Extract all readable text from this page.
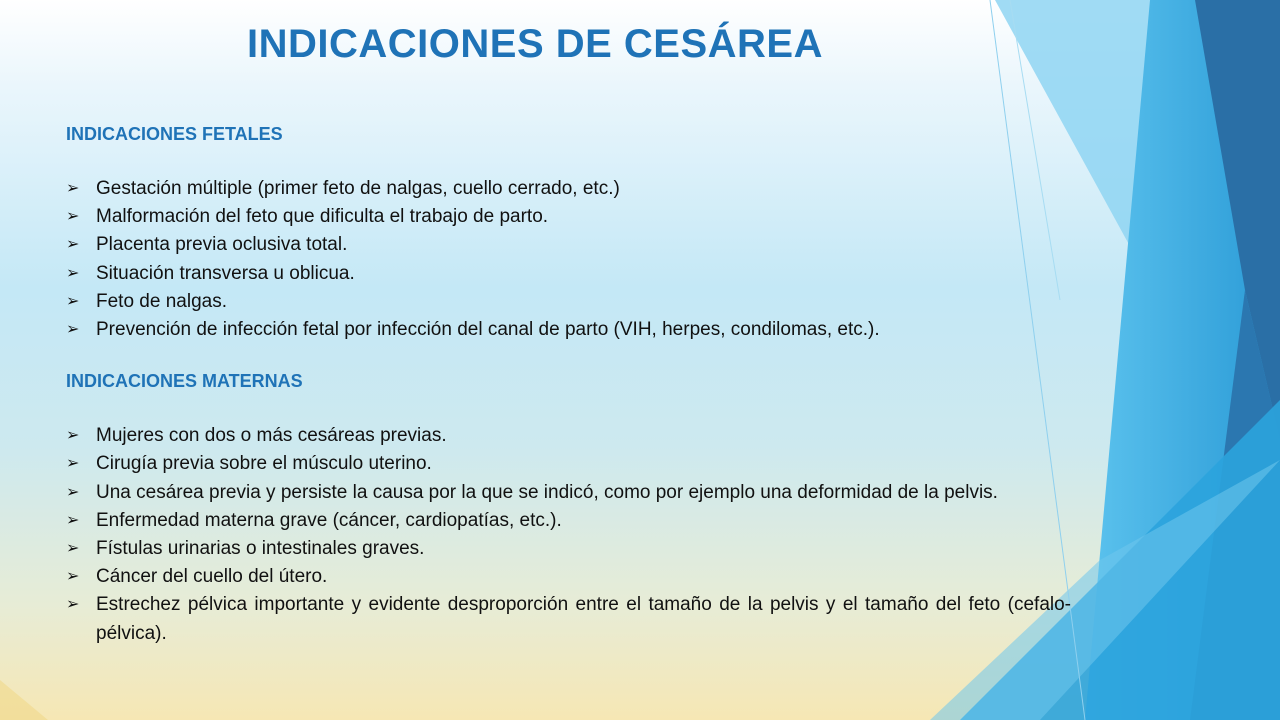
INDICACIONES DE CESÁREA
INDICACIONES FETALES
➢ Gestación múltiple (primer feto de nalgas, cuello cerrado, etc.)
➢ Malformación del feto que dificulta el trabajo de parto.
➢ Placenta previa oclusiva total.
➢ Situación transversa u oblicua.
➢ Feto de nalgas.
➢ Prevención de infección fetal por infección del canal de parto (VIH, herpes, condilomas, etc.).
INDICACIONES MATERNAS
➢ Mujeres con dos o más cesáreas previas.
➢ Cirugía previa sobre el músculo uterino.
➢ Una cesárea previa y persiste la causa por la que se indicó, como por ejemplo una deformidad de la pelvis.
➢ Enfermedad materna grave (cáncer, cardiopatías, etc.).
➢ Fístulas urinarias o intestinales graves.
➢ Cáncer del cuello del útero.
➢ Estrechez pélvica importante y evidente desproporción entre el tamaño de la pelvis y el tamaño del feto (cefalo-pélvica).
